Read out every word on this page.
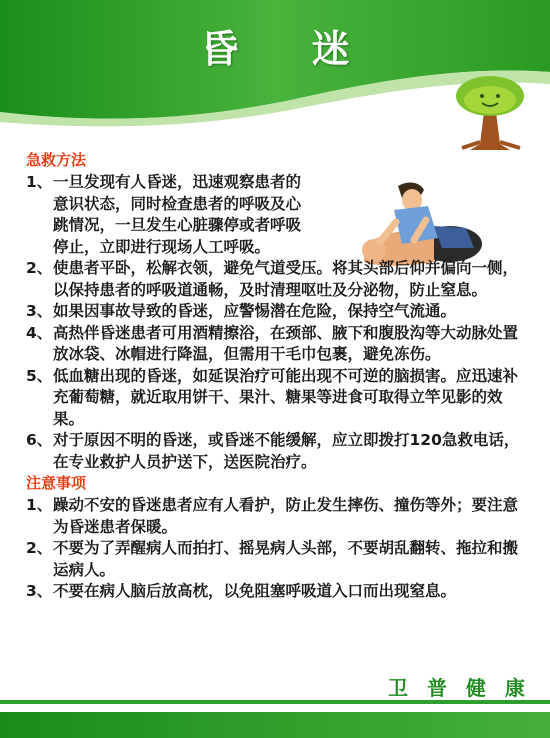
昏 迷
急救方法
1、 一旦发现有人昏迷，迅速观察患者的意识状态，同时检查患者的呼吸及心跳情况，一旦发生心脏骤停或者呼吸停止，立即进行现场人工呼吸。
2、 使患者平卧，松解衣领，避免气道受压。将其头部后仰并偏向一侧，以保持患者的呼吸道通畅，及时清理呕吐及分泌物，防止窒息。
3、 如果因事故导致的昏迷，应警惕潜在危险，保持空气流通。
4、 高热伴昏迷患者可用酒精擦浴，在颈部、腋下和腹股沟等大动脉处置放冰袋、冰帽进行降温，但需用干毛巾包裹，避免冻伤。
5、 低血糖出现的昏迷，如延误治疗可能出现不可逆的脑损害。应迅速补充葡萄糖，就近取用饼干、果汁、糖果等进食可取得立竿见影的效果。
6、 对于原因不明的昏迷，或昏迷不能缓解，应立即拨打120急救电话，在专业救护人员护送下，送医院治疗。
注意事项
1、 躁动不安的昏迷患者应有人看护，防止发生摔伤、撞伤等外；要注意为昏迷患者保暖。
2、 不要为了弄醒病人而拍打、摇晃病人头部，不要胡乱翻转、拖拉和搬运病人。
3、 不要在病人脑后放高枕，以免阻塞呼吸道入口而出现窒息。
卫 普 健 康
